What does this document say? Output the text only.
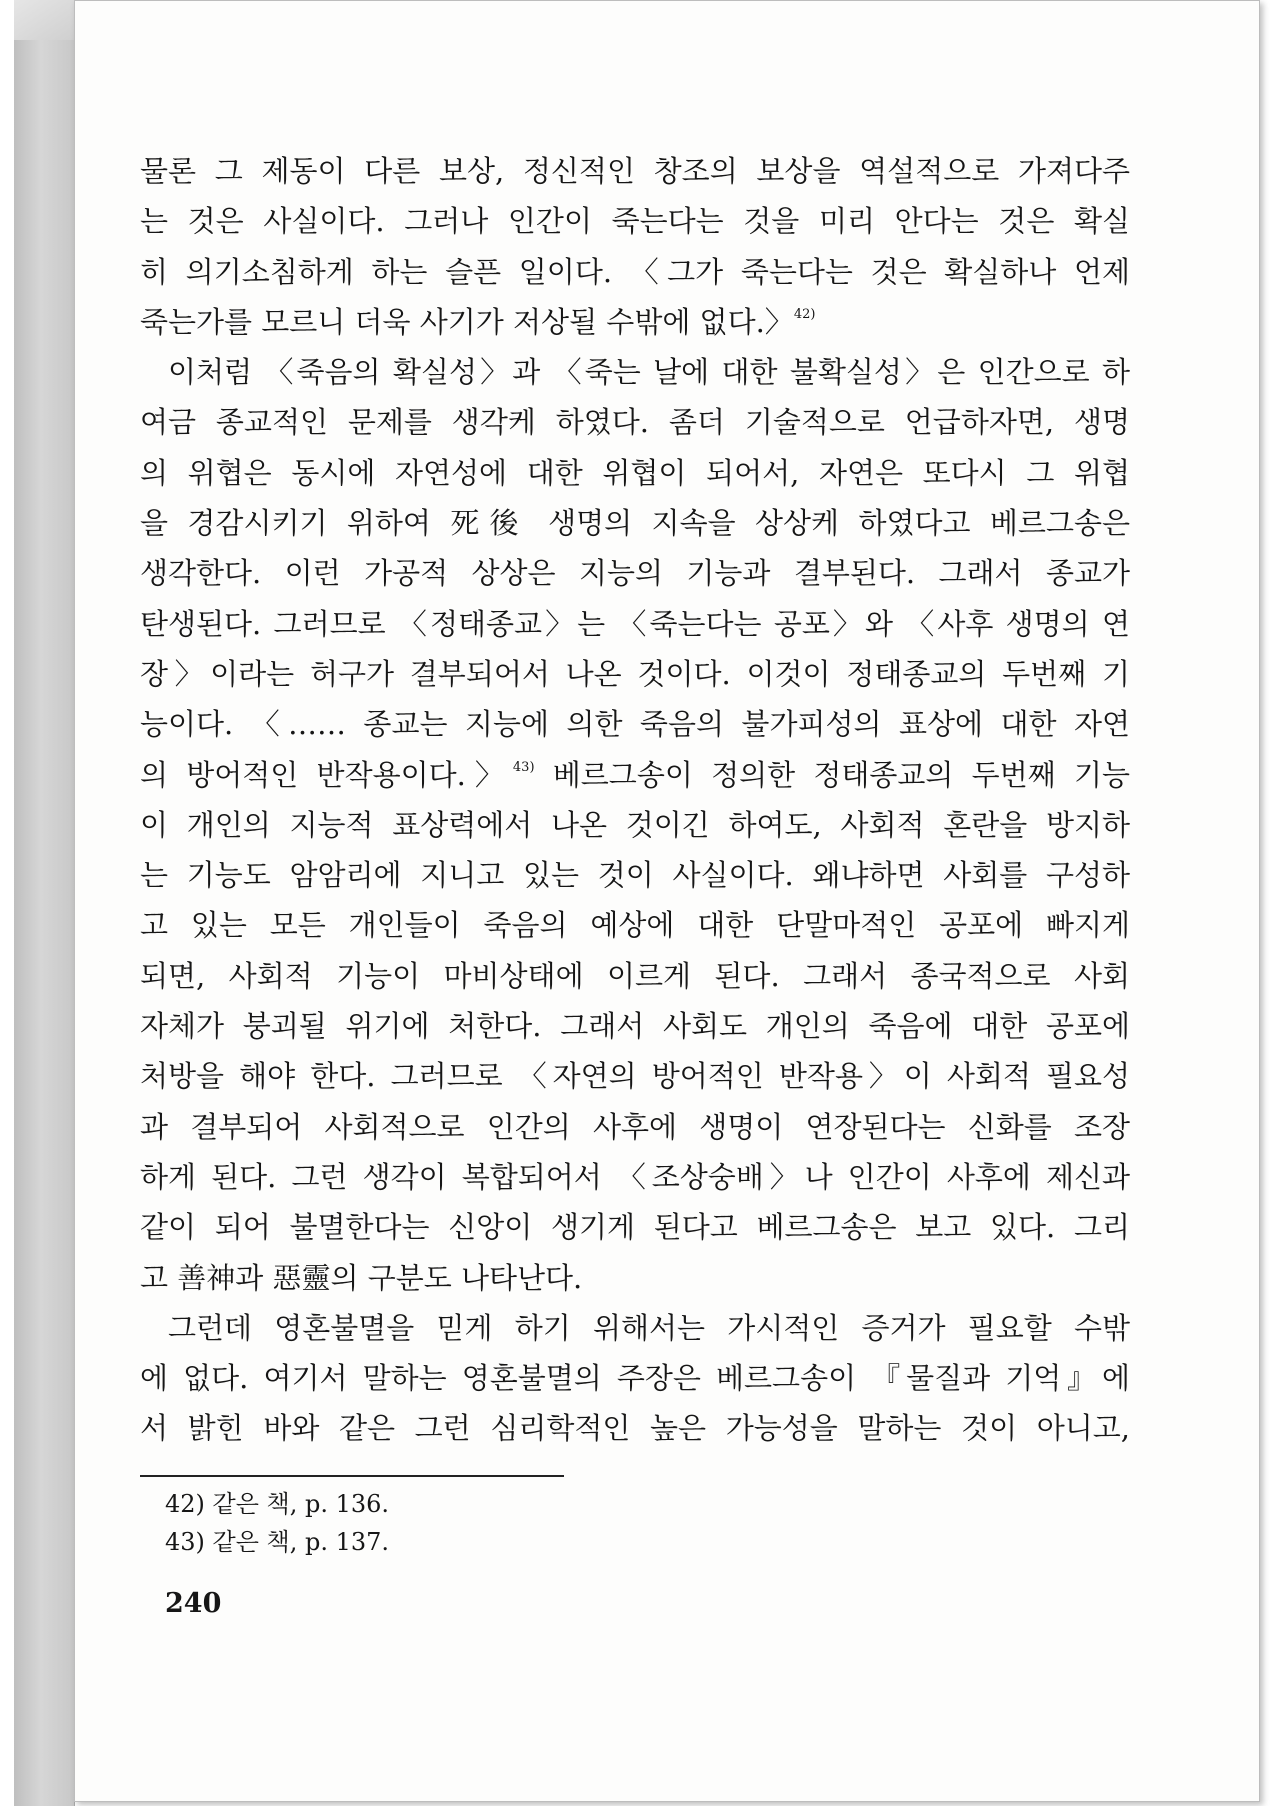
물론 그 제동이 다른 보상, 정신적인 창조의 보상을 역설적으로 가져다주
는 것은 사실이다. 그러나 인간이 죽는다는 것을 미리 안다는 것은 확실
히 의기소침하게 하는 슬픈 일이다. 〈그가 죽는다는 것은 확실하나 언제
죽는가를 모르니 더욱 사기가 저상될 수밖에 없다.〉$^{42)}$
이처럼 〈죽음의 확실성〉과 〈죽는 날에 대한 불확실성〉은 인간으로 하
여금 종교적인 문제를 생각케 하였다. 좀더 기술적으로 언급하자면, 생명
의 위협은 동시에 자연성에 대한 위협이 되어서, 자연은 또다시 그 위협
을 경감시키기 위하여 死後 생명의 지속을 상상케 하였다고 베르그송은
생각한다. 이런 가공적 상상은 지능의 기능과 결부된다. 그래서 종교가
탄생된다. 그러므로 〈정태종교〉는 〈죽는다는 공포〉와 〈사후 생명의 연
장〉이라는 허구가 결부되어서 나온 것이다. 이것이 정태종교의 두번째 기
능이다. 〈…… 종교는 지능에 의한 죽음의 불가피성의 표상에 대한 자연
의 방어적인 반작용이다.〉$^{43)}$ 베르그송이 정의한 정태종교의 두번째 기능
이 개인의 지능적 표상력에서 나온 것이긴 하여도, 사회적 혼란을 방지하
는 기능도 암암리에 지니고 있는 것이 사실이다. 왜냐하면 사회를 구성하
고 있는 모든 개인들이 죽음의 예상에 대한 단말마적인 공포에 빠지게
되면, 사회적 기능이 마비상태에 이르게 된다. 그래서 종국적으로 사회
자체가 붕괴될 위기에 처한다. 그래서 사회도 개인의 죽음에 대한 공포에
처방을 해야 한다. 그러므로 〈자연의 방어적인 반작용〉이 사회적 필요성
과 결부되어 사회적으로 인간의 사후에 생명이 연장된다는 신화를 조장
하게 된다. 그런 생각이 복합되어서 〈조상숭배〉나 인간이 사후에 제신과
같이 되어 불멸한다는 신앙이 생기게 된다고 베르그송은 보고 있다. 그리
고 善神과 惡靈의 구분도 나타난다.
그런데 영혼불멸을 믿게 하기 위해서는 가시적인 증거가 필요할 수밖
에 없다. 여기서 말하는 영혼불멸의 주장은 베르그송이 『물질과 기억』에
서 밝힌 바와 같은 그런 심리학적인 높은 가능성을 말하는 것이 아니고,
42) 같은 책, p. 136.
43) 같은 책, p. 137.
240
